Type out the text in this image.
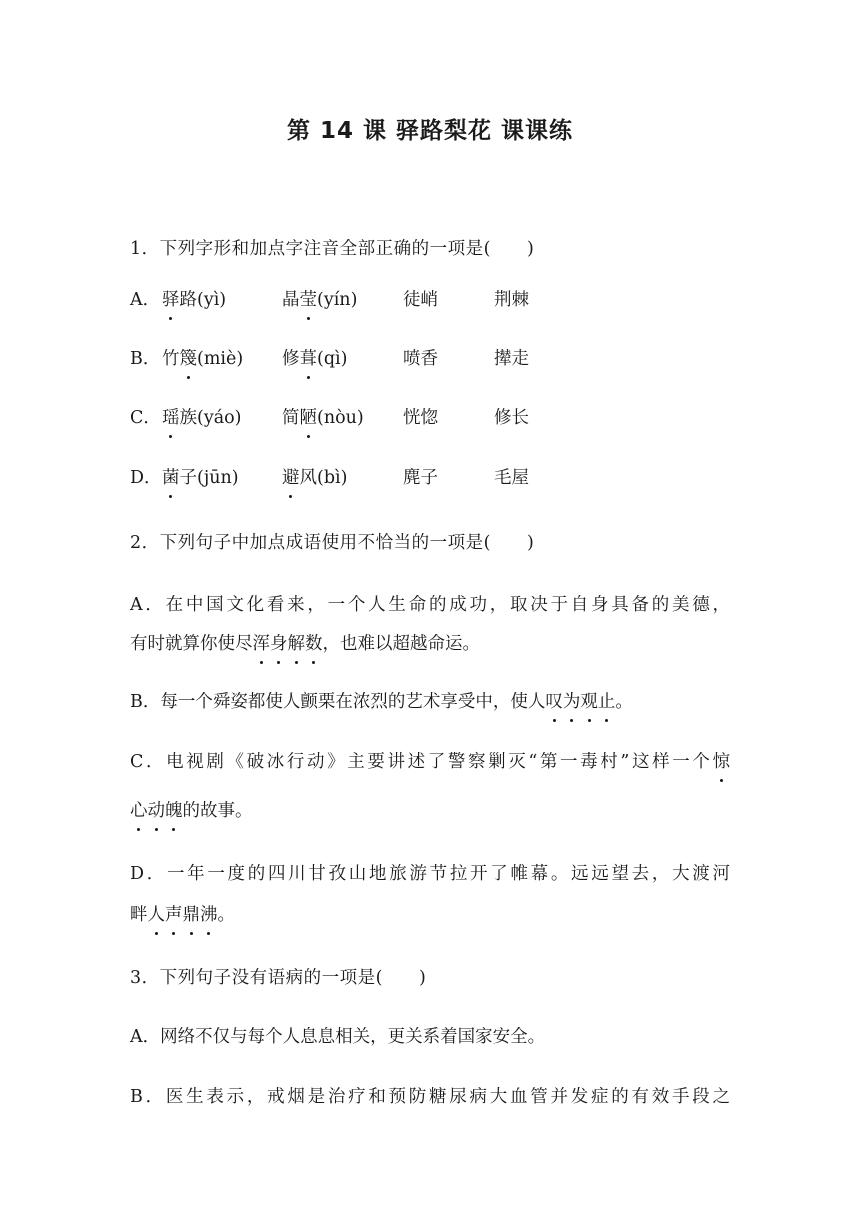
第 14 课 驿路梨花 课课练
1．下列字形和加点字注音全部正确的一项是(　　)
A． 驿路(yì)	晶莹(yín)	徒峭	荆棘
B． 竹篾(miè) 修葺(qì)	喷香	撵走
C． 瑶族(yáo) 简陋(nòu) 恍惚	修长
D． 菌子(jūn) 避风(bì)	麂子	毛屋
2．下列句子中加点成语使用不恰当的一项是(　　)
A．在中国文化看来，一个人生命的成功，取决于自身具备的美德，
有时就算你使尽浑身解数，也难以超越命运。
B．每一个舜姿都使人颤栗在浓烈的艺术享受中，使人叹为观止。
C．电视剧《破冰行动》主要讲述了警察剿灭“第一毒村”这样一个惊
心动魄的故事。
D．一年一度的四川甘孜山地旅游节拉开了帷幕。远远望去，大渡河
畔人声鼎沸。
3．下列句子没有语病的一项是(　　)
A．网络不仅与每个人息息相关，更关系着国家安全。
B．医生表示，戒烟是治疗和预防糖尿病大血管并发症的有效手段之
